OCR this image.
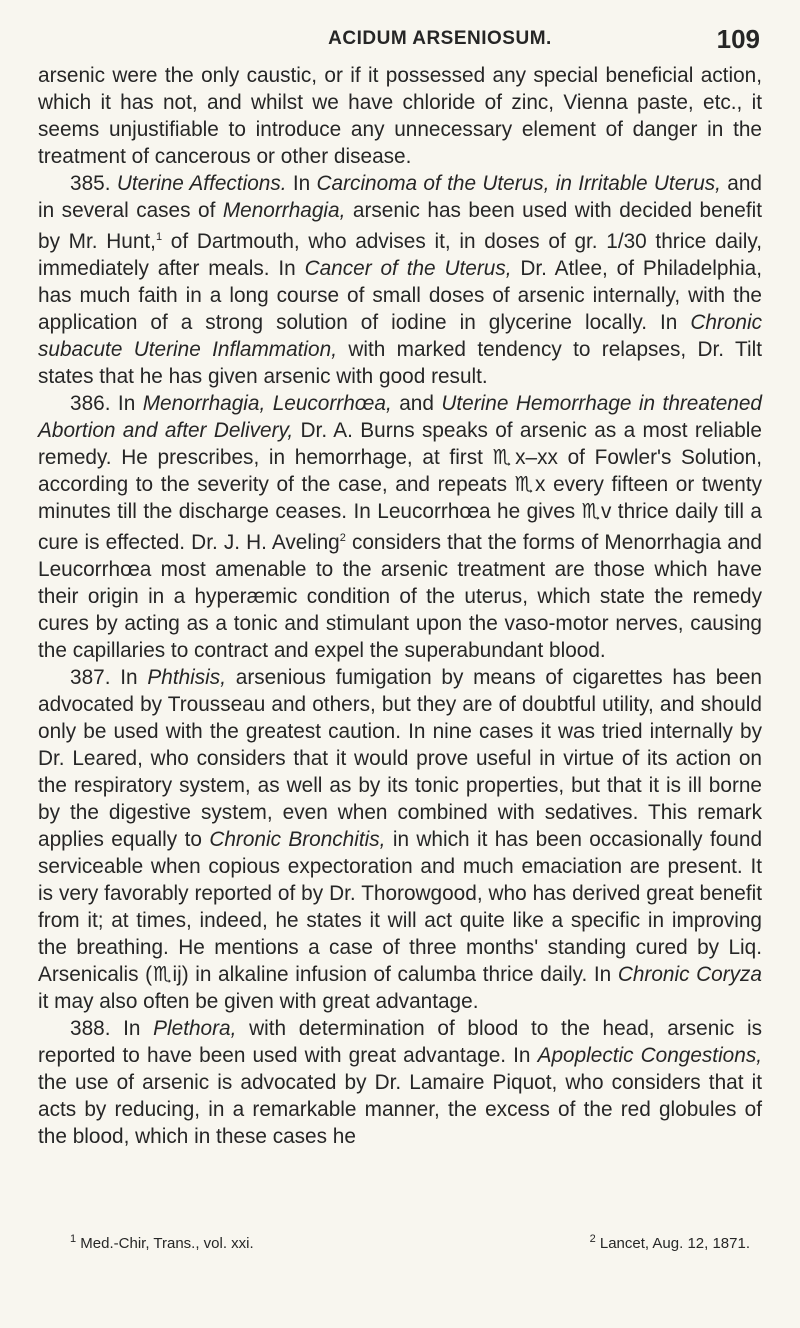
ACIDUM ARSENIOSUM.	109

arsenic were the only caustic, or if it possessed any special beneficial action, which it has not, and whilst we have chloride of zinc, Vienna paste, etc., it seems unjustifiable to introduce any unnecessary element of danger in the treatment of cancerous or other disease.

385. Uterine Affections. In Carcinoma of the Uterus, in Irritable Uterus, and in several cases of Menorrhagia, arsenic has been used with decided benefit by Mr. Hunt,$^1$ of Dartmouth, who advises it, in doses of gr. 1/30 thrice daily, immediately after meals. In Cancer of the Uterus, Dr. Atlee, of Philadelphia, has much faith in a long course of small doses of arsenic internally, with the application of a strong solution of iodine in glycerine locally. In Chronic subacute Uterine Inflammation, with marked tendency to relapses, Dr. Tilt states that he has given arsenic with good result.

386. In Menorrhagia, Leucorrhœa, and Uterine Hemorrhage in threatened Abortion and after Delivery, Dr. A. Burns speaks of arsenic as a most reliable remedy. He prescribes, in hemorrhage, at first ♏x–xx of Fowler's Solution, according to the severity of the case, and repeats ♏x every fifteen or twenty minutes till the discharge ceases. In Leucorrhœa he gives ♏v thrice daily till a cure is effected. Dr. J. H. Aveling$^2$ considers that the forms of Menorrhagia and Leucorrhœa most amenable to the arsenic treatment are those which have their origin in a hyperæmic condition of the uterus, which state the remedy cures by acting as a tonic and stimulant upon the vaso-motor nerves, causing the capillaries to contract and expel the superabundant blood.

387. In Phthisis, arsenious fumigation by means of cigarettes has been advocated by Trousseau and others, but they are of doubtful utility, and should only be used with the greatest caution. In nine cases it was tried internally by Dr. Leared, who considers that it would prove useful in virtue of its action on the respiratory system, as well as by its tonic properties, but that it is ill borne by the digestive system, even when combined with sedatives. This remark applies equally to Chronic Bronchitis, in which it has been occasionally found serviceable when copious expectoration and much emaciation are present. It is very favorably reported of by Dr. Thorowgood, who has derived great benefit from it; at times, indeed, he states it will act quite like a specific in improving the breathing. He mentions a case of three months' standing cured by Liq. Arsenicalis (♏ij) in alkaline infusion of calumba thrice daily. In Chronic Coryza it may also often be given with great advantage.

388. In Plethora, with determination of blood to the head, arsenic is reported to have been used with great advantage. In Apoplectic Congestions, the use of arsenic is advocated by Dr. Lamaire Piquot, who considers that it acts by reducing, in a remarkable manner, the excess of the red globules of the blood, which in these cases he

$^1$ Med.-Chir, Trans., vol. xxi.	$^2$ Lancet, Aug. 12, 1871.
